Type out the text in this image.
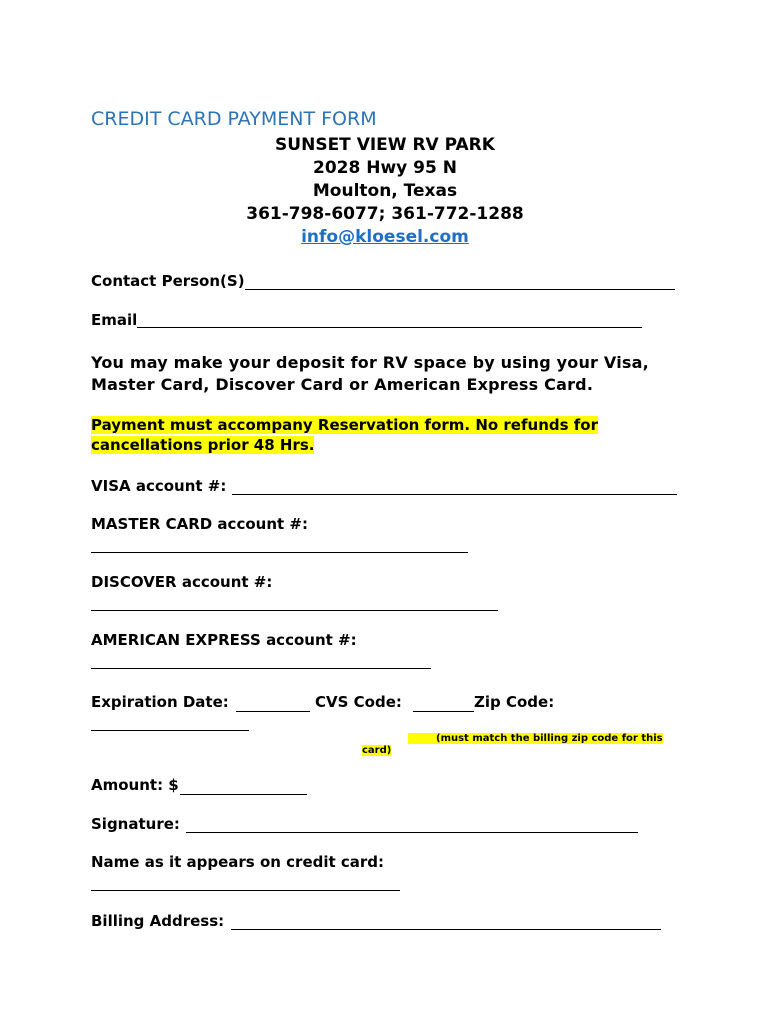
CREDIT CARD PAYMENT FORM
SUNSET VIEW RV PARK
2028 Hwy 95 N
Moulton, Texas
361-798-6077; 361-772-1288
info@kloesel.com
Contact Person(S)
Email
You may make your deposit for RV space by using your Visa,
Master Card, Discover Card or American Express Card.
Payment must accompany Reservation form. No refunds for
cancellations prior 48 Hrs.
VISA account #:
MASTER CARD account #:
DISCOVER account #:
AMERICAN EXPRESS account #:
Expiration Date:	CVS Code:	Zip Code:
(must match the billing zip code for this
card)
Amount: $
Signature:
Name as it appears on credit card:
Billing Address:
